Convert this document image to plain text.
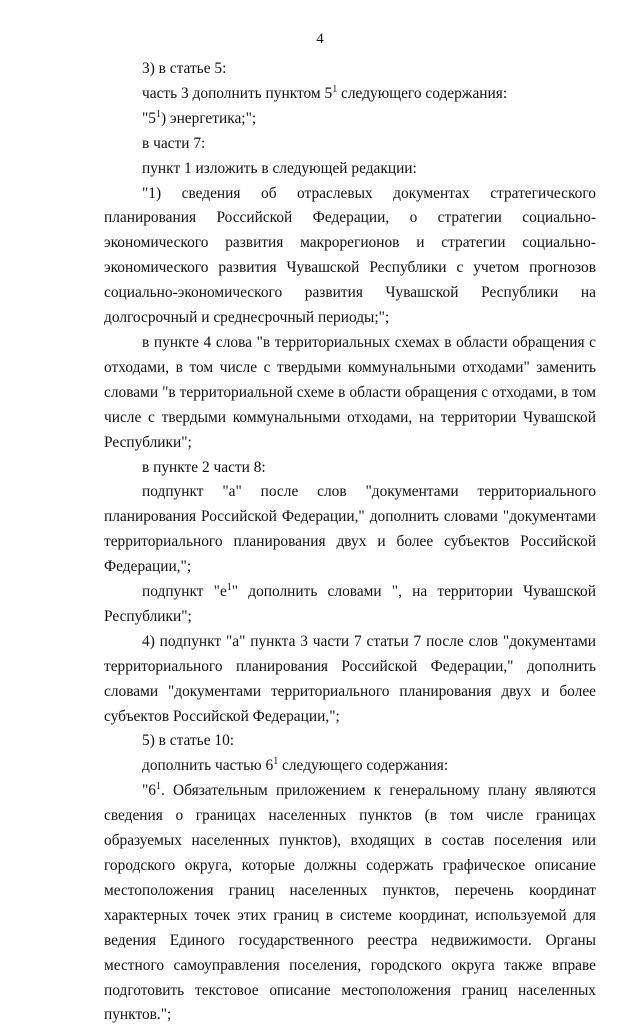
4

3) в статье 5:

часть 3 дополнить пунктом $5^1$ следующего содержания:

"$5^1$) энергетика;";

в части 7:

пункт 1 изложить в следующей редакции:

"1) сведения об отраслевых документах стратегического планирования Российской Федерации, о стратегии социально-экономического развития макрорегионов и стратегии социально-экономического развития Чувашской Республики с учетом прогнозов социально-экономического развития Чувашской Республики на долгосрочный и среднесрочный периоды;";

в пункте 4 слова "в территориальных схемах в области обращения с отходами, в том числе с твердыми коммунальными отходами" заменить словами "в территориальной схеме в области обращения с отходами, в том числе с твердыми коммунальными отходами, на территории Чувашской Республики";

в пункте 2 части 8:

подпункт "а" после слов "документами территориального планирования Российской Федерации," дополнить словами "документами территориального планирования двух и более субъектов Российской Федерации,";

подпункт "$е^1$" дополнить словами ", на территории Чувашской Республики";

4) подпункт "а" пункта 3 части 7 статьи 7 после слов "документами территориального планирования Российской Федерации," дополнить словами "документами территориального планирования двух и более субъектов Российской Федерации,";

5) в статье 10:

дополнить частью $6^1$ следующего содержания:

"$6^1$. Обязательным приложением к генеральному плану являются сведения о границах населенных пунктов (в том числе границах образуемых населенных пунктов), входящих в состав поселения или городского округа, которые должны содержать графическое описание местоположения границ населенных пунктов, перечень координат характерных точек этих границ в системе координат, используемой для ведения Единого государственного реестра недвижимости. Органы местного самоуправления поселения, городского округа также вправе подготовить текстовое описание местоположения границ населенных пунктов.";
